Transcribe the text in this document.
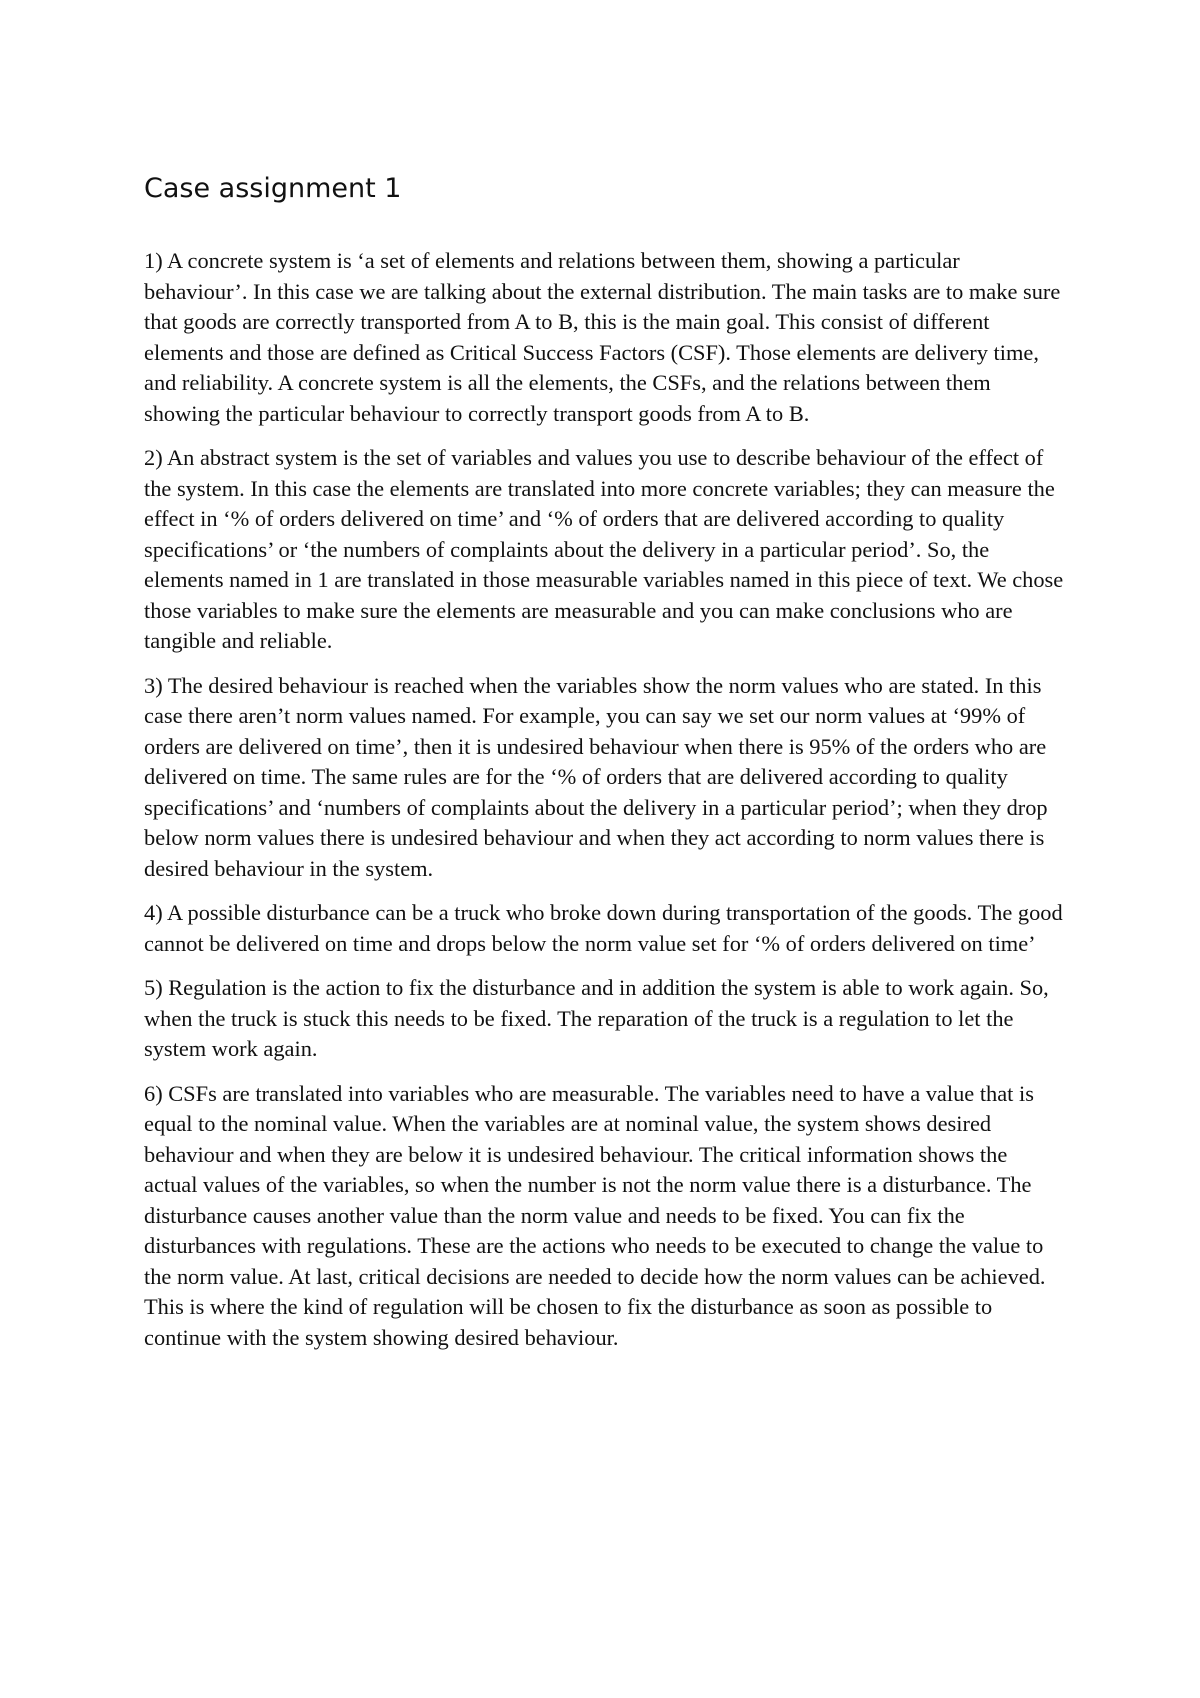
Case assignment 1

1) A concrete system is ‘a set of elements and relations between them, showing a particular behaviour’. In this case we are talking about the external distribution. The main tasks are to make sure that goods are correctly transported from A to B, this is the main goal. This consist of different elements and those are defined as Critical Success Factors (CSF). Those elements are delivery time, and reliability. A concrete system is all the elements, the CSFs, and the relations between them showing the particular behaviour to correctly transport goods from A to B.

2) An abstract system is the set of variables and values you use to describe behaviour of the effect of the system. In this case the elements are translated into more concrete variables; they can measure the effect in ‘% of orders delivered on time’ and ‘% of orders that are delivered according to quality specifications’ or ‘the numbers of complaints about the delivery in a particular period’. So, the elements named in 1 are translated in those measurable variables named in this piece of text. We chose those variables to make sure the elements are measurable and you can make conclusions who are tangible and reliable.

3) The desired behaviour is reached when the variables show the norm values who are stated. In this case there aren’t norm values named. For example, you can say we set our norm values at ‘99% of orders are delivered on time’, then it is undesired behaviour when there is 95% of the orders who are delivered on time. The same rules are for the ‘% of orders that are delivered according to quality specifications’ and ‘numbers of complaints about the delivery in a particular period’; when they drop below norm values there is undesired behaviour and when they act according to norm values there is desired behaviour in the system.

4) A possible disturbance can be a truck who broke down during transportation of the goods. The good cannot be delivered on time and drops below the norm value set for ‘% of orders delivered on time’

5) Regulation is the action to fix the disturbance and in addition the system is able to work again. So, when the truck is stuck this needs to be fixed. The reparation of the truck is a regulation to let the system work again.

6) CSFs are translated into variables who are measurable. The variables need to have a value that is equal to the nominal value. When the variables are at nominal value, the system shows desired behaviour and when they are below it is undesired behaviour. The critical information shows the actual values of the variables, so when the number is not the norm value there is a disturbance. The disturbance causes another value than the norm value and needs to be fixed. You can fix the disturbances with regulations. These are the actions who needs to be executed to change the value to the norm value. At last, critical decisions are needed to decide how the norm values can be achieved. This is where the kind of regulation will be chosen to fix the disturbance as soon as possible to continue with the system showing desired behaviour.
